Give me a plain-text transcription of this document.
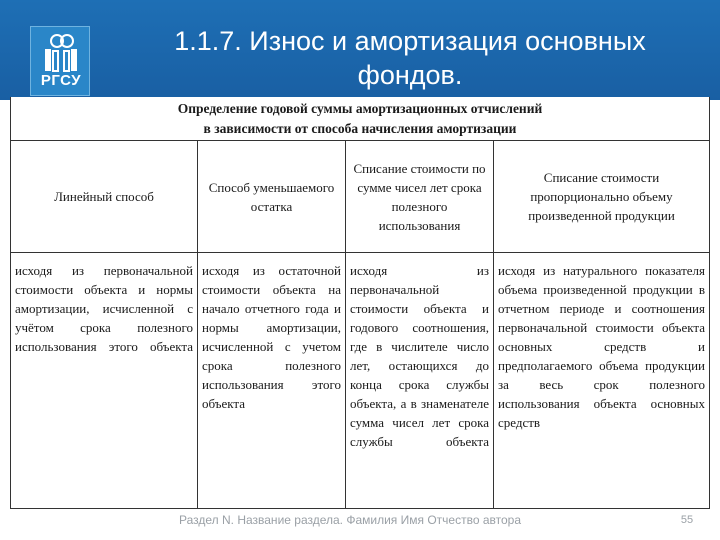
РГСУ
1.1.7. Износ и амортизация основных фондов.
Определение годовой суммы амортизационных отчислений
в зависимости от способа начисления амортизации
Линейный способ
Способ уменьшаемого остатка
Списание стоимости по сумме чисел лет срока полезного использования
Списание стоимости пропорционально объему произведенной продукции
исходя из первоначальной стоимости объекта и нормы амортизации, исчисленной с учётом срока полезного использования этого объекта
исходя из остаточной стоимости объекта на начало отчетного года и нормы амортизации, исчисленной с учетом срока полезного использования этого объекта
исходя из первоначальной стоимости объекта и годового соотношения, где в числителе число лет, остающихся до конца срока службы объекта, а в знаменателе сумма чисел лет срока службы объекта
исходя из натурального показателя объема произведенной продукции в отчетном периоде и соотношения первоначальной стоимости объекта основных средств и предполагаемого объема продукции за весь срок полезного использования объекта основных средств
Раздел N. Название раздела. Фамилия Имя Отчество автора	55
